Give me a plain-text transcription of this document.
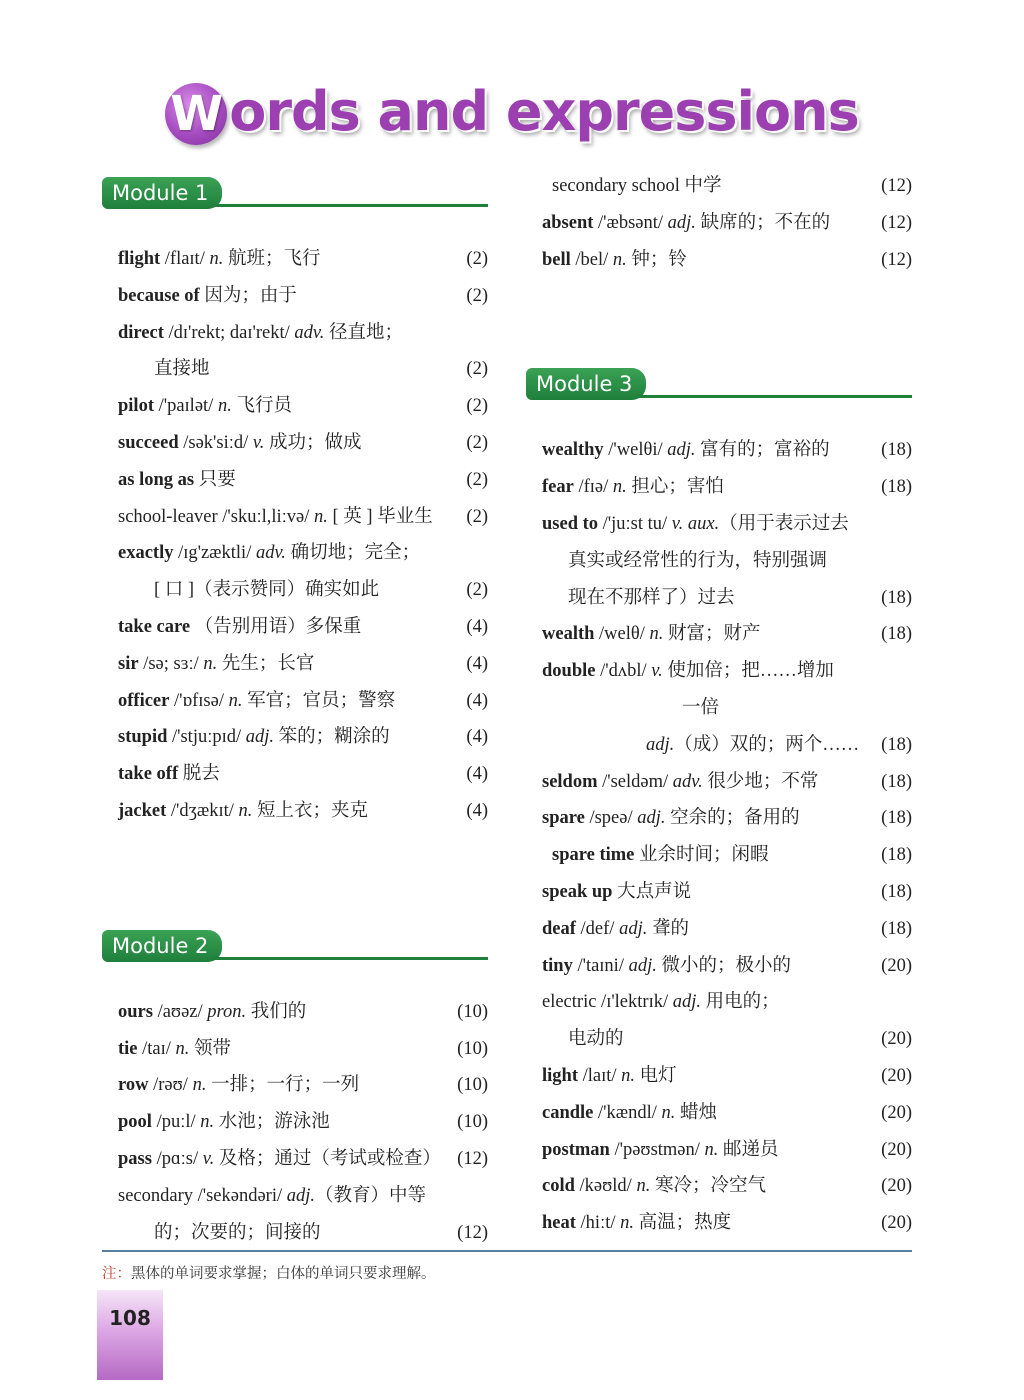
W ords and expressions
Module 1
flight /flaɪt/ n. 航班；飞行	(2)
because of 因为；由于	(2)
direct /dɪ'rekt; daɪ'rekt/ adv. 径直地；
直接地	(2)
pilot /'paɪlət/ n. 飞行员	(2)
succeed /sək'siːd/ v. 成功；做成	(2)
as long as 只要	(2)
school-leaver /'skuːl,liːvə/ n. [ 英 ] 毕业生 (2)
exactly /ɪg'zæktli/ adv. 确切地；完全；
[ 口 ]（表示赞同）确实如此	(2)
take care （告别用语）多保重	(4)
sir /sə; sɜː/ n. 先生；长官	(4)
officer /'ɒfɪsə/ n. 军官；官员；警察	(4)
stupid /'stjuːpɪd/ adj. 笨的；糊涂的	(4)
take off 脱去	(4)
jacket /'dʒækɪt/ n. 短上衣；夹克	(4)
Module 2
ours /aʊəz/ pron. 我们的	(10)
tie /taɪ/ n. 领带	(10)
row /rəʊ/ n. 一排；一行；一列	(10)
pool /puːl/ n. 水池；游泳池	(10)
pass /pɑːs/ v. 及格；通过（考试或检查） (12)
secondary /'sekəndəri/ adj.（教育）中等
的；次要的；间接的	(12)
secondary school 中学	(12)
absent /'æbsənt/ adj. 缺席的；不在的	(12)
bell /bel/ n. 钟；铃	(12)
Module 3
wealthy /'welθi/ adj. 富有的；富裕的	(18)
fear /fɪə/ n. 担心；害怕	(18)
used to /'juːst tu/ v. aux.（用于表示过去
真实或经常性的行为，特别强调
现在不那样了）过去	(18)
wealth /welθ/ n. 财富；财产	(18)
double /'dʌbl/ v. 使加倍；把……增加
一倍
adj.（成）双的；两个…… (18)
seldom /'seldəm/ adv. 很少地；不常	(18)
spare /speə/ adj. 空余的；备用的	(18)
spare time 业余时间；闲暇	(18)
speak up 大点声说	(18)
deaf /def/ adj. 聋的	(18)
tiny /'taɪni/ adj. 微小的；极小的	(20)
electric /ɪ'lektrɪk/ adj. 用电的；
电动的	(20)
light /laɪt/ n. 电灯	(20)
candle /'kændl/ n. 蜡烛	(20)
postman /'pəʊstmən/ n. 邮递员	(20)
cold /kəʊld/ n. 寒冷；冷空气	(20)
heat /hiːt/ n. 高温；热度	(20)
注：黑体的单词要求掌握；白体的单词只要求理解。
108
